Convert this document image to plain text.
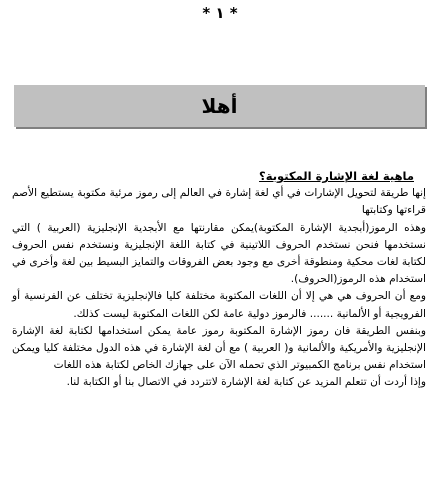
* ١ *
أهلا

ماهية لغة الإشارة المكتوبة؟

إنها طريقة لتحويل الإشارات في أي لغة إشارة في العالم إلى رموز مرئية مكتوبة يستطيع الأصم قراءتها وكتابتها

وهذه الرموز(أبجدية الإشارة المكتوبة)يمكن مقارنتها مع الأبجدية الإنجليزية (العربية ) التي نستخدمها فنحن نستخدم الحروف اللاتينية في كتابة اللغة الإنجليزية ونستخدم نفس الحروف لكتابة لغات محكية ومنطوقة أخرى مع وجود بعض الفروقات والتمايز البسيط بين لغة وأخرى في استخدام هذه الرموز(الحروف).

ومع أن الحروف هي هي إلا أن اللغات المكتوبة مختلفة كليا فالإنجليزية تختلف عن الفرنسية أو الفرويجية أو الألمانية ....... فالرموز دولية عامة لكن اللغات المكتوبة ليست كذلك.

وبنفس الطريقة فان رموز الإشارة المكتوبة رموز عامة يمكن استخدامها لكتابة لغة الإشارة الإنجليزية والأمريكية والألمانية و( العربية ) مع أن لغة الإشارة في هذه الدول مختلفة كليا ويمكن استخدام نفس برنامج الكمبيوتر الذي تحمله الآن على جهازك الخاص لكتابة هذه اللغات

وإذا أردت أن تتعلم المزيد عن كتابة لغة الإشارة لاتتردد في الاتصال بنا أو الكتابة لنا.
